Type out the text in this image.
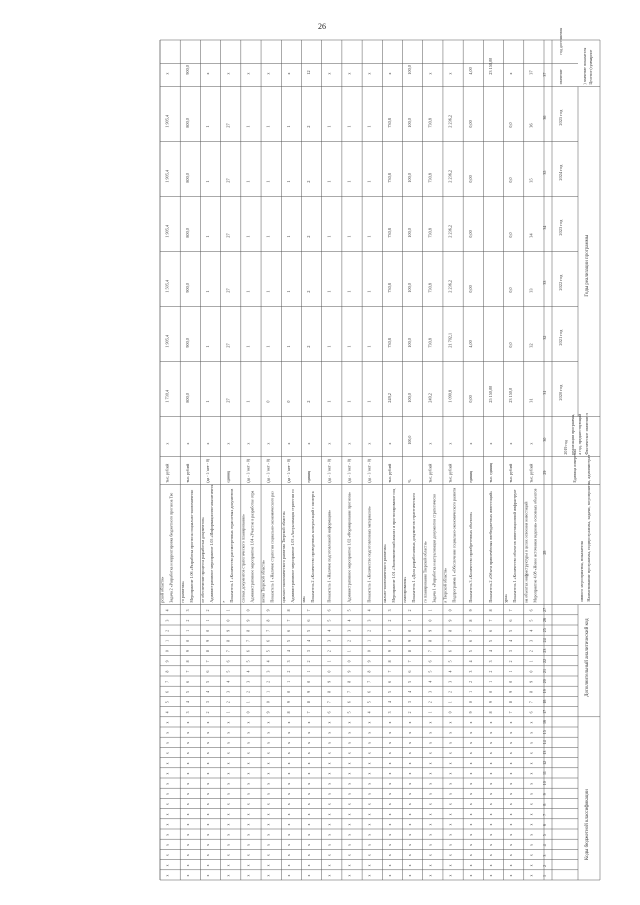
26
Коды бюджетной классификации
Дополнительный аналитический код
Наименование программы, подпрограммы, задачи, мероприятия, администрат
ивного мероприятия, показателя
Единица измерения
Фактическое значение н
а год, предшествующий
реализации программы,
2019 год
Годы реализации программы
2020 год
2021 год
2022 год
2023 год
2024 год
2025 год
Целевое (суммарное
) значение показателя
значение
год достижения
1
2
3
4
5
6
7
8
9
10
11
12
13
14
15
16
17
18
19
20
21
22
23
24
25
26
27
28
29
30
31
32
33
34
35
36
37
х
х
х
х
х
х
х
х
х
х
х
х
х
х
х
х
6
7
8
9
0
1
2
3
4
5
6
Мероприятие 4.08 «Новое источники ведения» основных объектов
на объектах инфраструктуры в целях освоения инвестиций
тыс. рублей
х
31
32
33
34
35
36
37
х
х
х
х
х
х
х
х
х
х
х
х
х
х
х
х
7
8
9
0
1
2
3
4
5
6
7
Показатель 1 «Количество объектов инвестиционной инфраструкт
уры»
тыс. рублей
х
23 150,0
0,0
0,0
0,0
0,0
0,0
х
х
х
х
х
х
х
х
х
х
х
х
х
х
х
х
х
8
9
0
1
2
3
4
5
6
7
8
Показатель 2 «Объем привлечённых внебюджетных инвестиций»
тыс. единиц
х
25 150,00
23 150,00
х
х
х
х
х
х
х
х
х
х
х
х
х
х
х
х
9
0
1
2
3
4
5
6
7
8
9
Показатель 3 «Количество приобретенных объектов»
единиц
х
0,00
4,00
0,00
0,00
0,00
0,00
4,00
х
х
х
х
х
х
х
х
х
х
х
х
х
х
х
х
0
1
2
3
4
5
6
7
8
9
0
Подпрограмма 1 «Обеспечение социально-экономического развити
я Тверской области»
тыс. рублей
х
1 090,8
21 702,1
2 236,2
2 236,2
2 236,2
2 236,2
х
х
х
х
х
х
х
х
х
х
х
х
х
х
х
х
х
1
2
3
4
5
6
7
8
9
0
1
Задача 1 «Разработка и актуализация документов стратегическо
го планирования Тверской области»
тыс. рублей
х
249,2
730,8
730,8
730,8
730,8
730,8
х
х
х
х
х
х
х
х
х
х
х
х
х
х
х
х
х
2
3
4
5
6
7
8
9
0
1
2
Показатель 1 «Доля разработанных документов стратегического
планирования»
%
100,0
100,0
100,0
100,0
100,0
100,0
100,0
100,0
х
х
х
х
х
х
х
х
х
х
х
х
х
х
х
х
3
4
5
6
7
8
9
0
1
2
3
Мероприятие 1.01 «Экономический анализ и прогнозирование соц
иально-экономического развития»
тыс. рублей
х
249,2
730,8
730,8
730,8
730,8
730,8
х
х
х
х
х
х
х
х
х
х
х
х
х
х
х
х
х
4
5
6
7
8
9
0
1
2
3
4
Показатель 1 «Количество подготовленных материалов»
(да - 1/ нет - 0)
х
1
1
1
1
1
1
х
х
х
х
х
х
х
х
х
х
х
х
х
х
х
х
х
5
6
7
8
9
0
1
2
3
4
5
Административное мероприятие 1.02 «Формирование прогноза»
(да - 1/ нет - 0)
х
1
1
1
1
1
1
х
х
х
х
х
х
х
х
х
х
х
х
х
х
х
х
х
6
7
8
9
0
1
2
3
4
5
6
Показатель 1 «Наличие подготовленной информации»
(да - 1/ нет - 0)
х
1
1
1
1
1
1
х
х
х
х
х
х
х
х
х
х
х
х
х
х
х
х
х
7
8
9
0
1
2
3
4
5
6
7
Показатель 2 «Количество проведенных консультаций с эксперта
ми»
единиц
х
2
2
2
2
2
2
12
х
х
х
х
х
х
х
х
х
х
х
х
х
х
х
х
8
9
0
1
2
3
4
5
6
7
8
Административное мероприятие 1.03 «Актуализация стратегии со
циально-экономического развития Тверской области»
(да - 1/ нет - 0)
х
0
1
1
1
1
1
х
х
х
х
х
х
х
х
х
х
х
х
х
х
х
х
х
9
0
1
2
3
4
5
6
7
8
9
Показатель 1 «Наличие стратегии социально-экономического раз
вития Тверской области»
(да - 1/ нет - 0)
х
0
1
1
1
1
1
х
х
х
х
х
х
х
х
х
х
х
х
х
х
х
х
х
0
1
2
3
4
5
6
7
8
9
0
Административное мероприятие 1.04 «Участие в разработке отра
слевых документов стратегического планирования»
(да - 1/ нет - 0)
х
1
1
1
1
1
1
х
х
х
х
х
х
х
х
х
х
х
х
х
х
х
х
х
1
2
3
4
5
6
7
8
9
0
1
Показатель 1 «Количество рассмотренных отраслевых документов
»
единиц
х
27
27
27
27
27
27
х
х
х
х
х
х
х
х
х
х
х
х
х
х
х
х
х
2
3
4
5
6
7
8
9
0
1
2
Административное мероприятие 1.05 «Информационно-аналитическ
ое обеспечение процесса разработки документов»
(да - 1/ нет - 0)
х
1
1
1
1
1
1
х
х
х
х
х
х
х
х
х
х
х
х
х
х
х
х
х
3
4
5
6
7
8
9
0
1
2
3
Мероприятие 1.06 «Разработка прогноза социально-экономическо
го развития»
тыс. рублей
х
800,0
900,0
900,0
800,0
800,0
800,0
900,0
х
х
х
х
х
х
х
х
х
х
х
х
х
х
х
х
4
5
6
7
8
9
0
1
2
3
4
Задача 2 «Разработка и корректировка бюджетного прогноза Тве
рской области»
тыс. рублей
х
1 730,4
1 905,4
1 505,4
1 905,4
1 905,4
1 905,4
х
